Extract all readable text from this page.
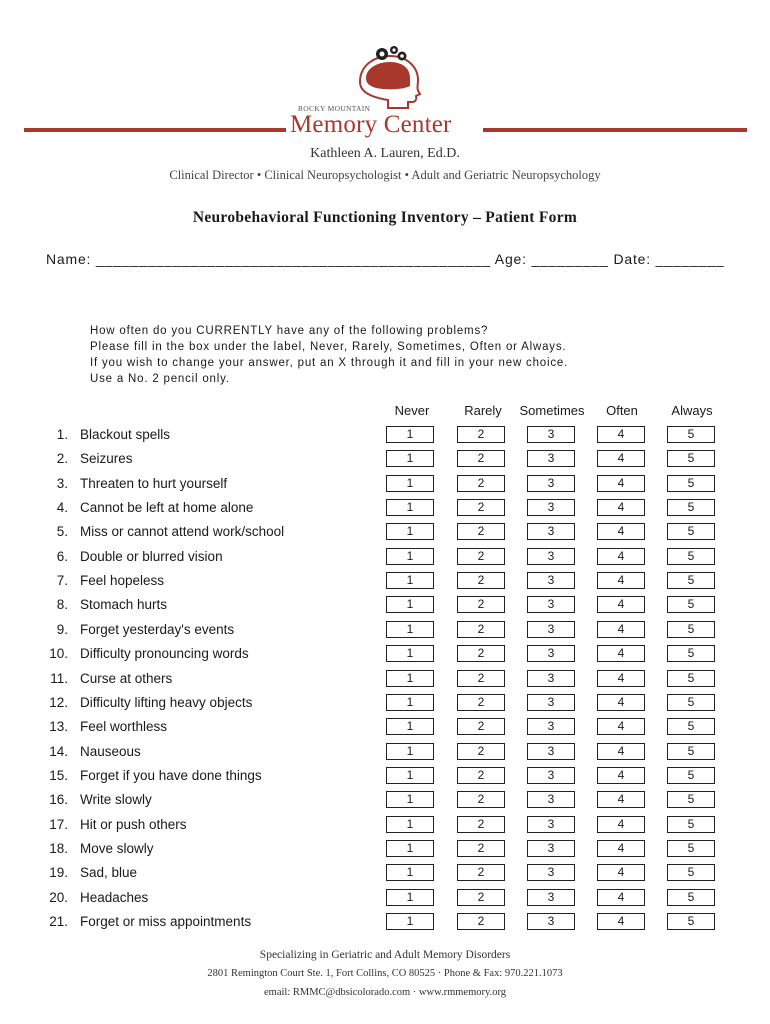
ROCKY MOUNTAIN
Memory Center
Kathleen A. Lauren, Ed.D.
Clinical Director • Clinical Neuropsychologist • Adult and Geriatric Neuropsychology
Neurobehavioral Functioning Inventory – Patient Form
Name: ______________________________________________ Age: _________ Date: ________
How often do you CURRENTLY have any of the following problems?
Please fill in the box under the label, Never, Rarely, Sometimes, Often or Always.
If you wish to change your answer, put an X through it and fill in your new choice.
Use a No. 2 pencil only.
Never	Rarely	Sometimes	Often	Always
1. Blackout spells	1	2	3	4	5
2. Seizures	1	2	3	4	5
3. Threaten to hurt yourself	1	2	3	4	5
4. Cannot be left at home alone	1	2	3	4	5
5. Miss or cannot attend work/school	1	2	3	4	5
6. Double or blurred vision	1	2	3	4	5
7. Feel hopeless	1	2	3	4	5
8. Stomach hurts	1	2	3	4	5
9. Forget yesterday's events	1	2	3	4	5
10. Difficulty pronouncing words	1	2	3	4	5
11. Curse at others	1	2	3	4	5
12. Difficulty lifting heavy objects	1	2	3	4	5
13. Feel worthless	1	2	3	4	5
14. Nauseous	1	2	3	4	5
15. Forget if you have done things	1	2	3	4	5
16. Write slowly	1	2	3	4	5
17. Hit or push others	1	2	3	4	5
18. Move slowly	1	2	3	4	5
19. Sad, blue	1	2	3	4	5
20. Headaches	1	2	3	4	5
21. Forget or miss appointments	1	2	3	4	5
Specializing in Geriatric and Adult Memory Disorders
2801 Remington Court Ste. 1, Fort Collins, CO 80525 · Phone & Fax: 970.221.1073
email: RMMC@dbsicolorado.com · www.rmmemory.org
